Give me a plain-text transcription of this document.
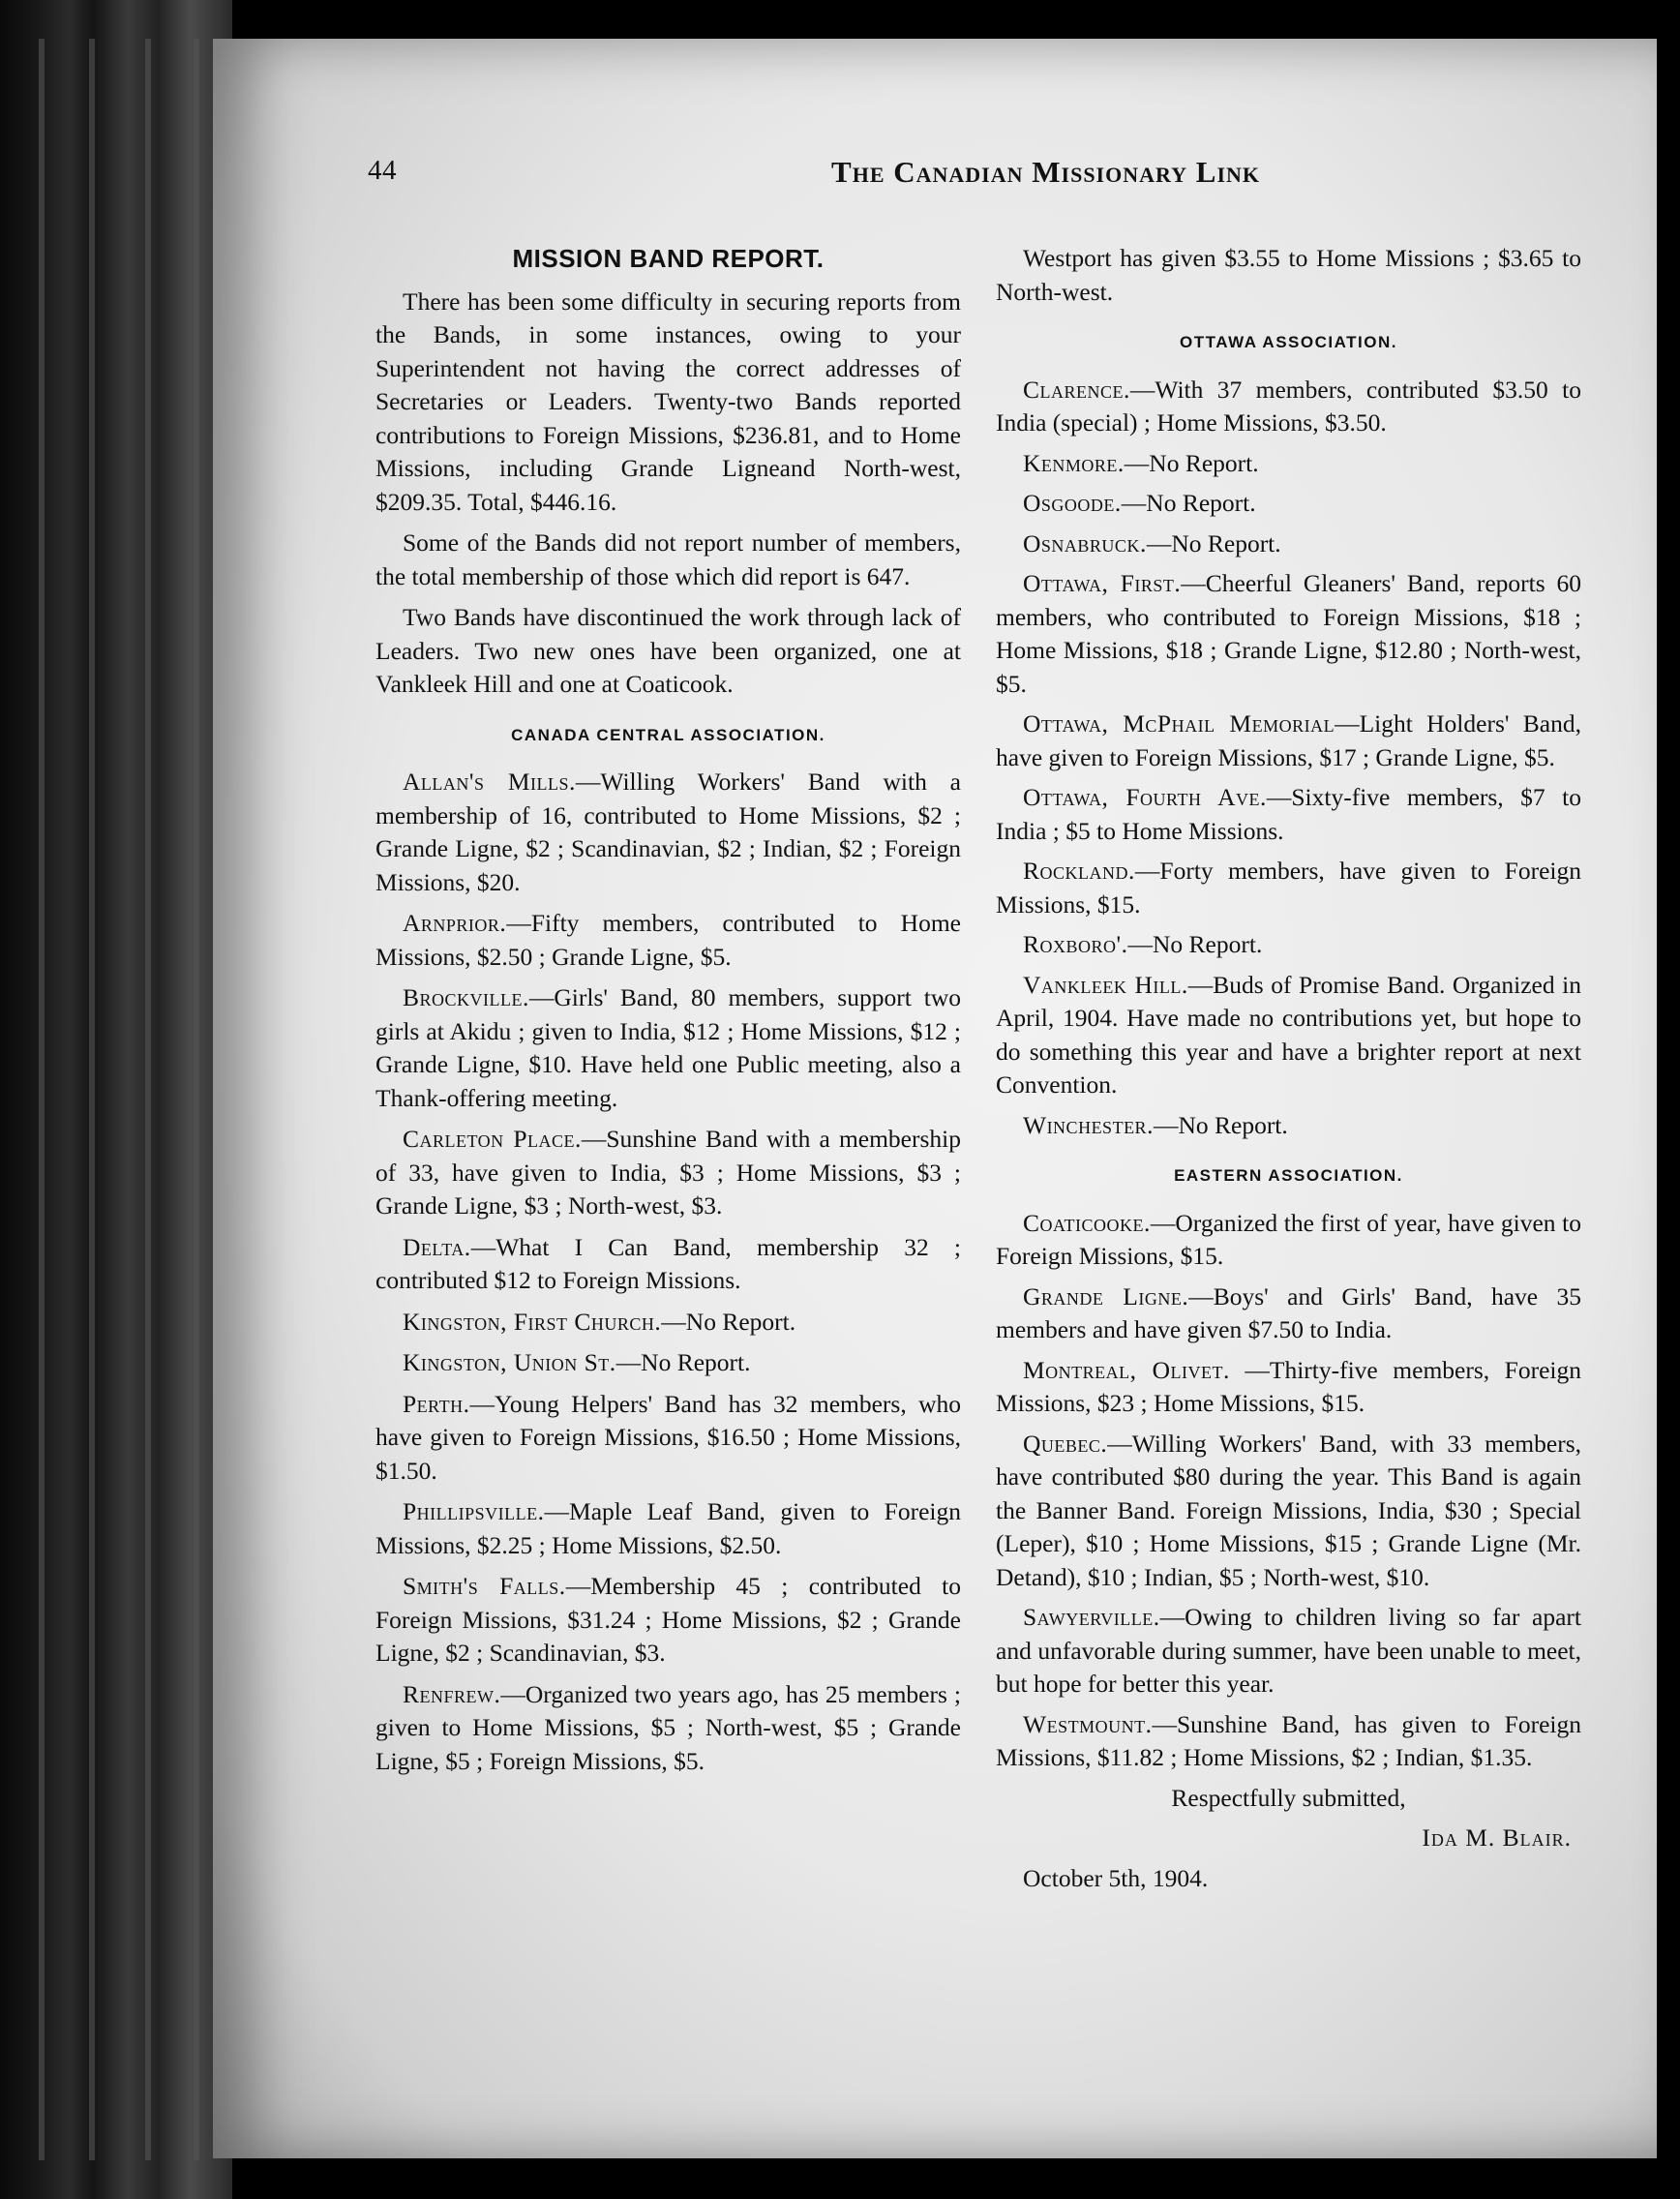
44	The Canadian Missionary Link
MISSION BAND REPORT.

There has been some difficulty in securing reports from the Bands, in some instances, owing to your Superintendent not having the correct addresses of Secretaries or Leaders. Twenty-two Bands reported contributions to Foreign Missions, $236.81, and to Home Missions, including Grande Ligneand North-west, $209.35. Total, $446.16.

Some of the Bands did not report number of members, the total membership of those which did report is 647.

Two Bands have discontinued the work through lack of Leaders. Two new ones have been organized, one at Vankleek Hill and one at Coaticook.

CANADA CENTRAL ASSOCIATION.

Allan's Mills.—Willing Workers' Band with a membership of 16, contributed to Home Missions, $2 ; Grande Ligne, $2 ; Scandinavian, $2 ; Indian, $2 ; Foreign Missions, $20.

Arnprior.—Fifty members, contributed to Home Missions, $2.50 ; Grande Ligne, $5.

Brockville.—Girls' Band, 80 members, support two girls at Akidu ; given to India, $12 ; Home Missions, $12 ; Grande Ligne, $10. Have held one Public meeting, also a Thank-offering meeting.

Carleton Place.—Sunshine Band with a membership of 33, have given to India, $3 ; Home Missions, $3 ; Grande Ligne, $3 ; North-west, $3.

Delta.—What I Can Band, membership 32 ; contributed $12 to Foreign Missions.

Kingston, First Church.—No Report.

Kingston, Union St.—No Report.

Perth.—Young Helpers' Band has 32 members, who have given to Foreign Missions, $16.50 ; Home Missions, $1.50.

Phillipsville.—Maple Leaf Band, given to Foreign Missions, $2.25 ; Home Missions, $2.50.

Smith's Falls.—Membership 45 ; contributed to Foreign Missions, $31.24 ; Home Missions, $2 ; Grande Ligne, $2 ; Scandinavian, $3.

Renfrew.—Organized two years ago, has 25 members ; given to Home Missions, $5 ; North-west, $5 ; Grande Ligne, $5 ; Foreign Missions, $5.

Westport has given $3.55 to Home Missions ; $3.65 to North-west.

OTTAWA ASSOCIATION.

Clarence.—With 37 members, contributed $3.50 to India (special) ; Home Missions, $3.50.

Kenmore.—No Report.

Osgoode.—No Report.

Osnabruck.—No Report.

Ottawa, First.—Cheerful Gleaners' Band, reports 60 members, who contributed to Foreign Missions, $18 ; Home Missions, $18 ; Grande Ligne, $12.80 ; North-west, $5.

Ottawa, McPhail Memorial—Light Holders' Band, have given to Foreign Missions, $17 ; Grande Ligne, $5.

Ottawa, Fourth Ave.—Sixty-five members, $7 to India ; $5 to Home Missions.

Rockland.—Forty members, have given to Foreign Missions, $15.

Roxboro'.—No Report.

Vankleek Hill.—Buds of Promise Band. Organized in April, 1904. Have made no contributions yet, but hope to do something this year and have a brighter report at next Convention.

Winchester.—No Report.

EASTERN ASSOCIATION.

Coaticooke.—Organized the first of year, have given to Foreign Missions, $15.

Grande Ligne.—Boys' and Girls' Band, have 35 members and have given $7.50 to India.

Montreal, Olivet. —Thirty-five members, Foreign Missions, $23 ; Home Missions, $15.

Quebec.—Willing Workers' Band, with 33 members, have contributed $80 during the year. This Band is again the Banner Band. Foreign Missions, India, $30 ; Special (Leper), $10 ; Home Missions, $15 ; Grande Ligne (Mr. Detand), $10 ; Indian, $5 ; North-west, $10.

Sawyerville.—Owing to children living so far apart and unfavorable during summer, have been unable to meet, but hope for better this year.

Westmount.—Sunshine Band, has given to Foreign Missions, $11.82 ; Home Missions, $2 ; Indian, $1.35.

Respectfully submitted,

Ida M. Blair.

October 5th, 1904.
